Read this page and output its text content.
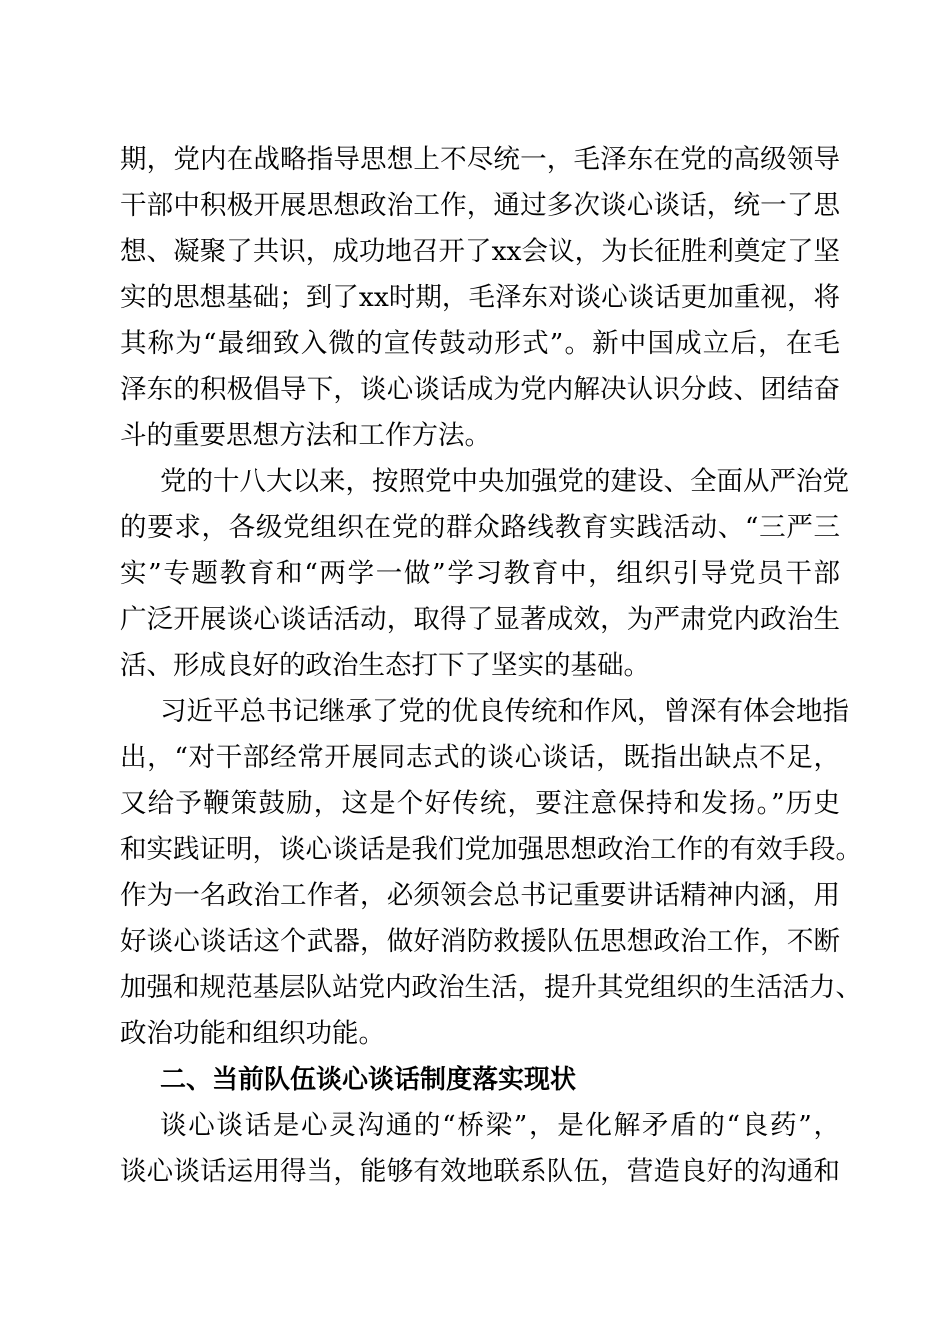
期，党内在战略指导思想上不尽统一，毛泽东在党的高级领导
干部中积极开展思想政治工作，通过多次谈心谈话，统一了思
想、凝聚了共识，成功地召开了xx会议，为长征胜利奠定了坚
实的思想基础；到了xx时期，毛泽东对谈心谈话更加重视，将
其称为“最细致入微的宣传鼓动形式”。新中国成立后，在毛
泽东的积极倡导下，谈心谈话成为党内解决认识分歧、团结奋
斗的重要思想方法和工作方法。
党的十八大以来，按照党中央加强党的建设、全面从严治党
的要求，各级党组织在党的群众路线教育实践活动、“三严三
实”专题教育和“两学一做”学习教育中，组织引导党员干部
广泛开展谈心谈话活动，取得了显著成效，为严肃党内政治生
活、形成良好的政治生态打下了坚实的基础。
习近平总书记继承了党的优良传统和作风，曾深有体会地指
出，“对干部经常开展同志式的谈心谈话，既指出缺点不足，
又给予鞭策鼓励，这是个好传统，要注意保持和发扬。”历史
和实践证明，谈心谈话是我们党加强思想政治工作的有效手段。
作为一名政治工作者，必须领会总书记重要讲话精神内涵，用
好谈心谈话这个武器，做好消防救援队伍思想政治工作，不断
加强和规范基层队站党内政治生活，提升其党组织的生活活力、
政治功能和组织功能。
二、当前队伍谈心谈话制度落实现状
谈心谈话是心灵沟通的“桥梁”，是化解矛盾的“良药”，
谈心谈话运用得当，能够有效地联系队伍，营造良好的沟通和
